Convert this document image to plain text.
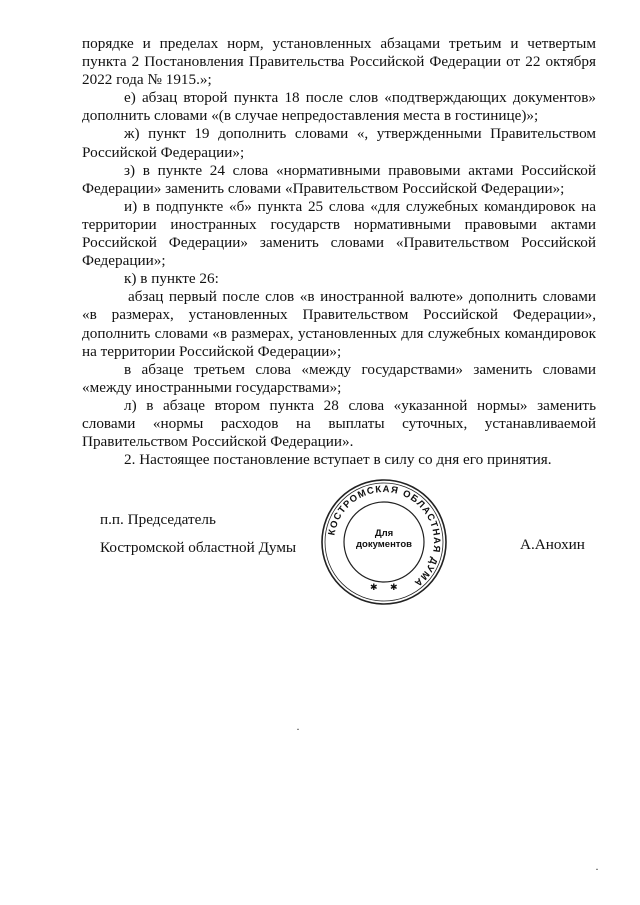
порядке и пределах норм, установленных абзацами третьим и четвертым пункта 2 Постановления Правительства Российской Федерации от 22 октября 2022 года № 1915.»;

е) абзац второй пункта 18 после слов «подтверждающих документов» дополнить словами «(в случае непредоставления места в гостинице)»;

ж) пункт 19 дополнить словами «, утвержденными Правительством Российской Федерации»;

з) в пункте 24 слова «нормативными правовыми актами Российской Федерации» заменить словами «Правительством Российской Федерации»;

и) в подпункте «б» пункта 25 слова «для служебных командировок на территории иностранных государств нормативными правовыми актами Российской Федерации» заменить словами «Правительством Российской Федерации»;

к) в пункте 26:

абзац первый после слов «в иностранной валюте» дополнить словами «в размерах, установленных Правительством Российской Федерации», дополнить словами «в размерах, установленных для служебных командировок на территории Российской Федерации»;

в абзаце третьем слова «между государствами» заменить словами «между иностранными государствами»;

л) в абзаце втором пункта 28 слова «указанной нормы» заменить словами «нормы расходов на выплаты суточных, устанавливаемой Правительством Российской Федерации».

2. Настоящее постановление вступает в силу со дня его принятия.

п.п. Председатель
Костромской областной Думы
КОСТРОМСКАЯ ОБЛАСТНАЯ ДУМА
✱ ✱
Для
документов	А.Анохин
·
·
